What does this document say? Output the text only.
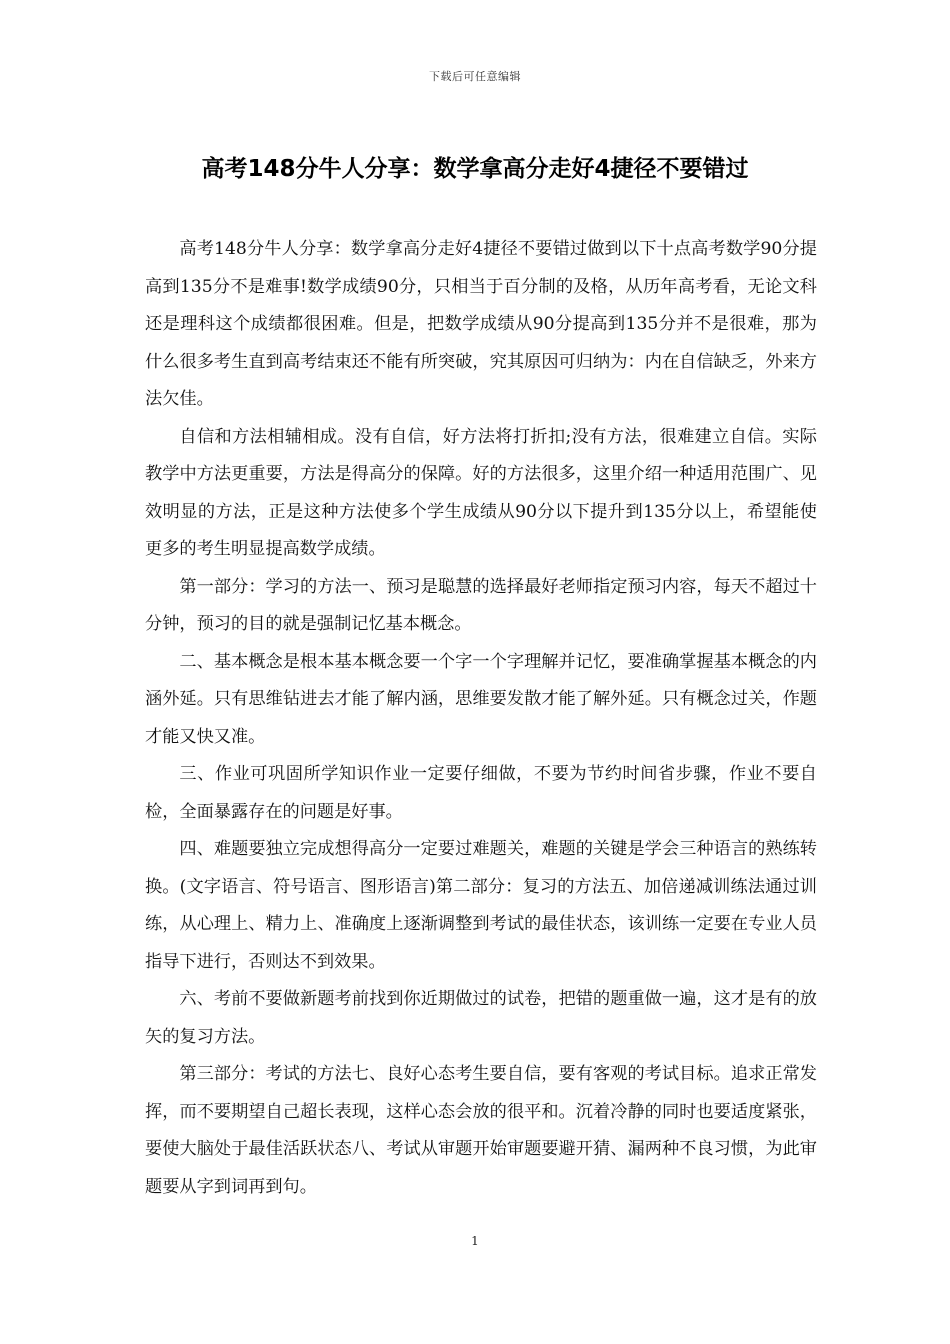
下载后可任意编辑
高考148分牛人分享：数学拿高分走好4捷径不要错过

高考148分牛人分享：数学拿高分走好4捷径不要错过做到以下十点高考数学90分提高到135分不是难事!数学成绩90分，只相当于百分制的及格，从历年高考看，无论文科还是理科这个成绩都很困难。但是，把数学成绩从90分提高到135分并不是很难，那为什么很多考生直到高考结束还不能有所突破，究其原因可归纳为：内在自信缺乏，外来方法欠佳。

自信和方法相辅相成。没有自信，好方法将打折扣;没有方法，很难建立自信。实际教学中方法更重要，方法是得高分的保障。好的方法很多，这里介绍一种适用范围广、见效明显的方法，正是这种方法使多个学生成绩从90分以下提升到135分以上，希望能使更多的考生明显提高数学成绩。

第一部分：学习的方法一、预习是聪慧的选择最好老师指定预习内容，每天不超过十分钟，预习的目的就是强制记忆基本概念。

二、基本概念是根本基本概念要一个字一个字理解并记忆，要准确掌握基本概念的内涵外延。只有思维钻进去才能了解内涵，思维要发散才能了解外延。只有概念过关，作题才能又快又准。

三、作业可巩固所学知识作业一定要仔细做，不要为节约时间省步骤，作业不要自检，全面暴露存在的问题是好事。

四、难题要独立完成想得高分一定要过难题关，难题的关键是学会三种语言的熟练转换。(文字语言、符号语言、图形语言)第二部分：复习的方法五、加倍递减训练法通过训练，从心理上、精力上、准确度上逐渐调整到考试的最佳状态，该训练一定要在专业人员指导下进行，否则达不到效果。

六、考前不要做新题考前找到你近期做过的试卷，把错的题重做一遍，这才是有的放矢的复习方法。

第三部分：考试的方法七、良好心态考生要自信，要有客观的考试目标。追求正常发挥，而不要期望自己超长表现，这样心态会放的很平和。沉着冷静的同时也要适度紧张，要使大脑处于最佳活跃状态八、考试从审题开始审题要避开猜、漏两种不良习惯，为此审题要从字到词再到句。

1
